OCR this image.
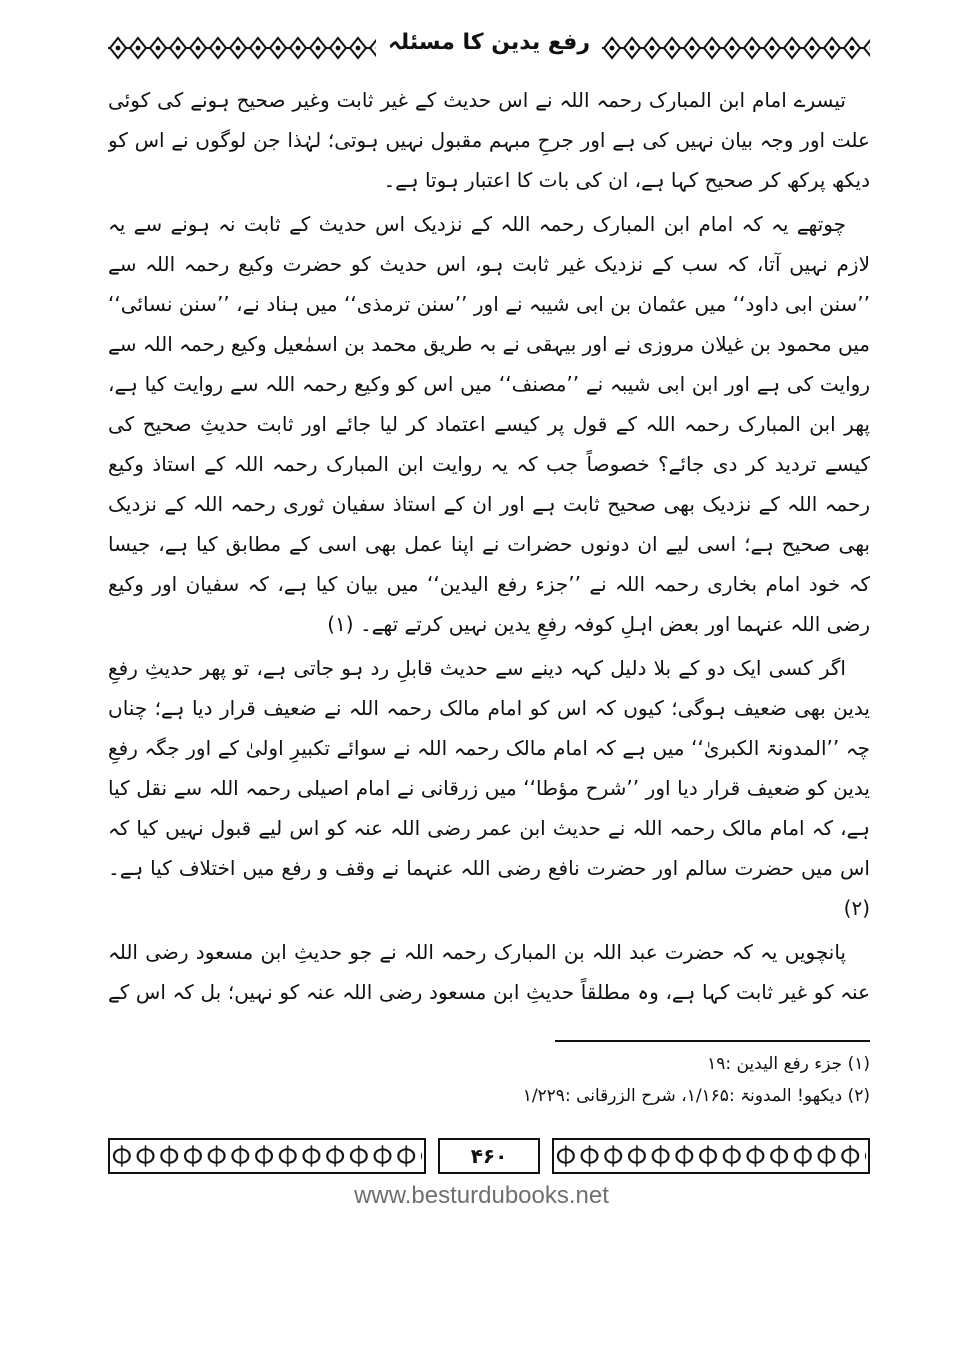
رفع یدین کا مسئلہ

تیسرے امام ابن المبارک رحمہ اللہ نے اس حدیث کے غیر ثابت وغیر صحیح ہونے کی کوئی علت اور وجہ بیان نہیں کی ہے اور جرحِ مبہم مقبول نہیں ہوتی؛ لہٰذا جن لوگوں نے اس کو دیکھ پرکھ کر صحیح کہا ہے، ان کی بات کا اعتبار ہوتا ہے۔

چوتھے یہ کہ امام ابن المبارک رحمہ اللہ کے نزدیک اس حدیث کے ثابت نہ ہونے سے یہ لازم نہیں آتا، کہ سب کے نزدیک غیر ثابت ہو، اس حدیث کو حضرت وکیع رحمہ اللہ سے ’’سنن ابی داود‘‘ میں عثمان بن ابی شیبہ نے اور ’’سنن ترمذی‘‘ میں ہناد نے، ’’سنن نسائی‘‘ میں محمود بن غیلان مروزی نے اور بیہقی نے بہ طریق محمد بن اسمٰعیل وکیع رحمہ اللہ سے روایت کی ہے اور ابن ابی شیبہ نے ’’مصنف‘‘ میں اس کو وکیع رحمہ اللہ سے روایت کیا ہے، پھر ابن المبارک رحمہ اللہ کے قول پر کیسے اعتماد کر لیا جائے اور ثابت حدیثِ صحیح کی کیسے تردید کر دی جائے؟ خصوصاً جب کہ یہ روایت ابن المبارک رحمہ اللہ کے استاذ وکیع رحمہ اللہ کے نزدیک بھی صحیح ثابت ہے اور ان کے استاذ سفیان ثوری رحمہ اللہ کے نزدیک بھی صحیح ہے؛ اسی لیے ان دونوں حضرات نے اپنا عمل بھی اسی کے مطابق کیا ہے، جیسا کہ خود امام بخاری رحمہ اللہ نے ’’جزء رفع الیدین‘‘ میں بیان کیا ہے، کہ سفیان اور وکیع رضی اللہ عنہما اور بعض اہلِ کوفہ رفعِ یدین نہیں کرتے تھے۔ (۱)

اگر کسی ایک دو کے بلا دلیل کہہ دینے سے حدیث قابلِ رد ہو جاتی ہے، تو پھر حدیثِ رفعِ یدین بھی ضعیف ہوگی؛ کیوں کہ اس کو امام مالک رحمہ اللہ نے ضعیف قرار دیا ہے؛ چناں چہ ’’المدونۃ الکبریٰ‘‘ میں ہے کہ امام مالک رحمہ اللہ نے سوائے تکبیرِ اولیٰ کے اور جگہ رفعِ یدین کو ضعیف قرار دیا اور ’’شرح مؤطا‘‘ میں زرقانی نے امام اصیلی رحمہ اللہ سے نقل کیا ہے، کہ امام مالک رحمہ اللہ نے حدیث ابن عمر رضی اللہ عنہ کو اس لیے قبول نہیں کیا کہ اس میں حضرت سالم اور حضرت نافع رضی اللہ عنہما نے وقف و رفع میں اختلاف کیا ہے۔ (۲)

پانچویں یہ کہ حضرت عبد اللہ بن المبارک رحمہ اللہ نے جو حدیثِ ابن مسعود رضی اللہ عنہ کو غیر ثابت کہا ہے، وہ مطلقاً حدیثِ ابن مسعود رضی اللہ عنہ کو نہیں؛ بل کہ اس کے

(۱) جزء رفع الیدین :۱۹
(۲) دیکھو! المدونۃ :۱/۱۶۵، شرح الزرقانی :۱/۲۲۹
۴۶۰
www.besturdubooks.net
